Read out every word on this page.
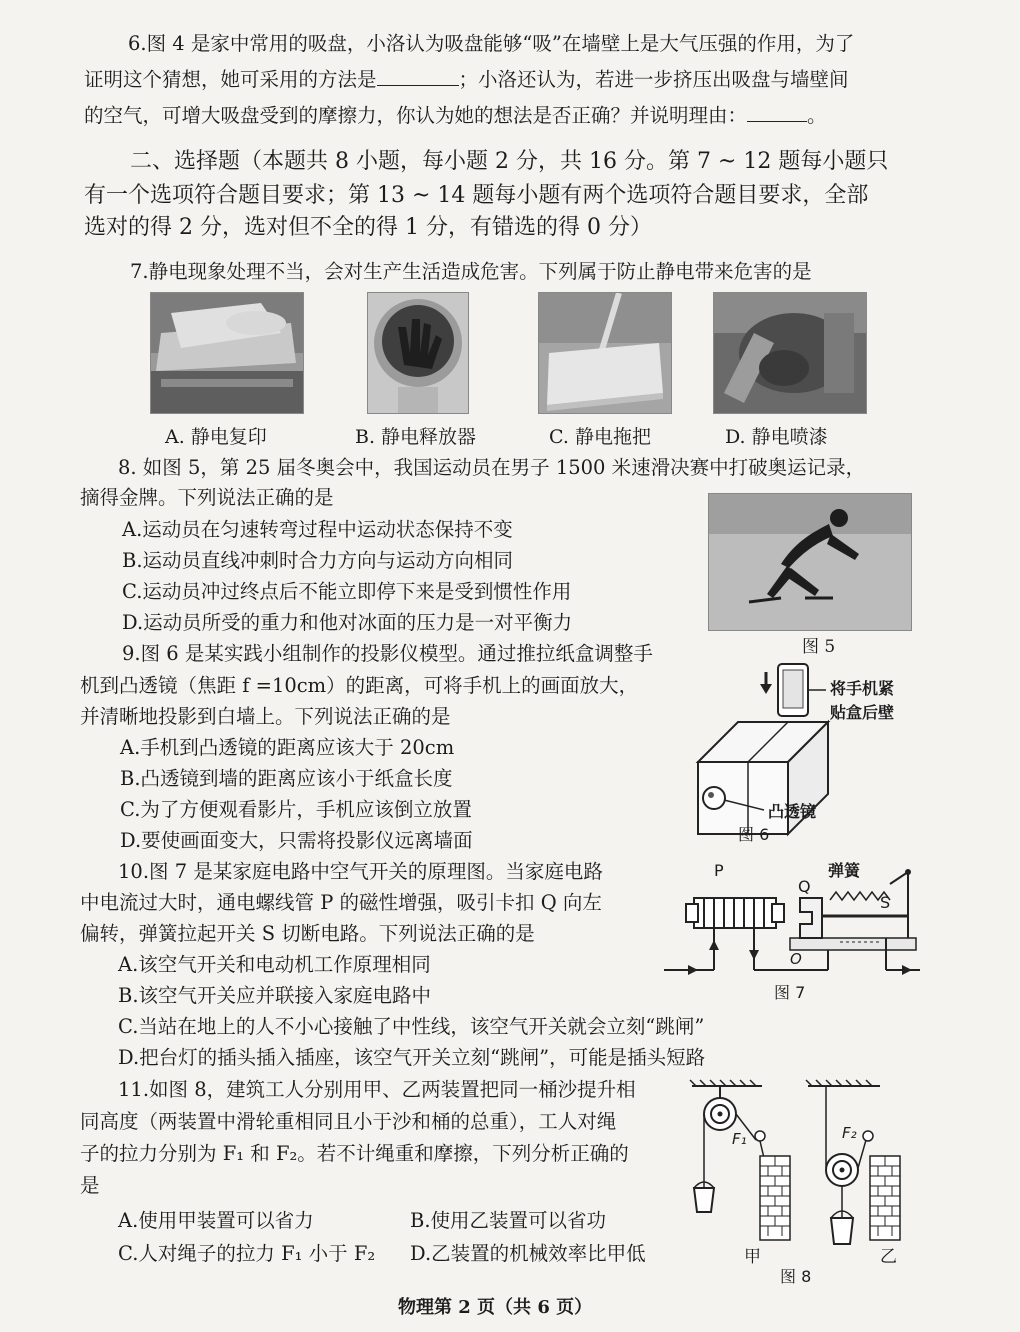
6.图 4 是家中常用的吸盘，小洛认为吸盘能够“吸”在墙壁上是大气压强的作用，为了
证明这个猜想，她可采用的方法是	；小洛还认为，若进一步挤压出吸盘与墙壁间
的空气，可增大吸盘受到的摩擦力，你认为她的想法是否正确？并说明理由：	。
二、选择题（本题共 8 小题，每小题 2 分，共 16 分。第 7 ~ 12 题每小题只
有一个选项符合题目要求；第 13 ~ 14 题每小题有两个选项符合题目要求，全部
选对的得 2 分，选对但不全的得 1 分，有错选的得 0 分）
7.静电现象处理不当，会对生产生活造成危害。下列属于防止静电带来危害的是
A. 静电复印	B. 静电释放器	C. 静电拖把	D. 静电喷漆
8. 如图 5，第 25 届冬奥会中，我国运动员在男子 1500 米速滑决赛中打破奥运记录，
摘得金牌。下列说法正确的是
A.运动员在匀速转弯过程中运动状态保持不变
B.运动员直线冲刺时合力方向与运动方向相同
C.运动员冲过终点后不能立即停下来是受到惯性作用
D.运动员所受的重力和他对冰面的压力是一对平衡力
图 5
9.图 6 是某实践小组制作的投影仪模型。通过推拉纸盒调整手
机到凸透镜（焦距 f =10cm）的距离，可将手机上的画面放大，
并清晰地投影到白墙上。下列说法正确的是
A.手机到凸透镜的距离应该大于 20cm
B.凸透镜到墙的距离应该小于纸盒长度
C.为了方便观看影片，手机应该倒立放置
D.要使画面变大，只需将投影仪远离墙面
将手机紧
贴盒后壁
凸透镜
图 6
10.图 7 是某家庭电路中空气开关的原理图。当家庭电路
中电流过大时，通电螺线管 P 的磁性增强，吸引卡扣 Q 向左
偏转，弹簧拉起开关 S 切断电路。下列说法正确的是
A.该空气开关和电动机工作原理相同
B.该空气开关应并联接入家庭电路中
C.当站在地上的人不小心接触了中性线，该空气开关就会立刻“跳闸”
D.把台灯的插头插入插座，该空气开关立刻“跳闸”，可能是插头短路
P
Q
弹簧
S
O
图 7
11.如图 8，建筑工人分别用甲、乙两装置把同一桶沙提升相
同高度（两装置中滑轮重相同且小于沙和桶的总重），工人对绳
子的拉力分别为 F₁ 和 F₂。若不计绳重和摩擦，下列分析正确的
是
A.使用甲装置可以省力	B.使用乙装置可以省功
C.人对绳子的拉力 F₁ 小于 F₂ D.乙装置的机械效率比甲低
F₁
甲
F₂
乙
图 8
物理第 2 页（共 6 页）
